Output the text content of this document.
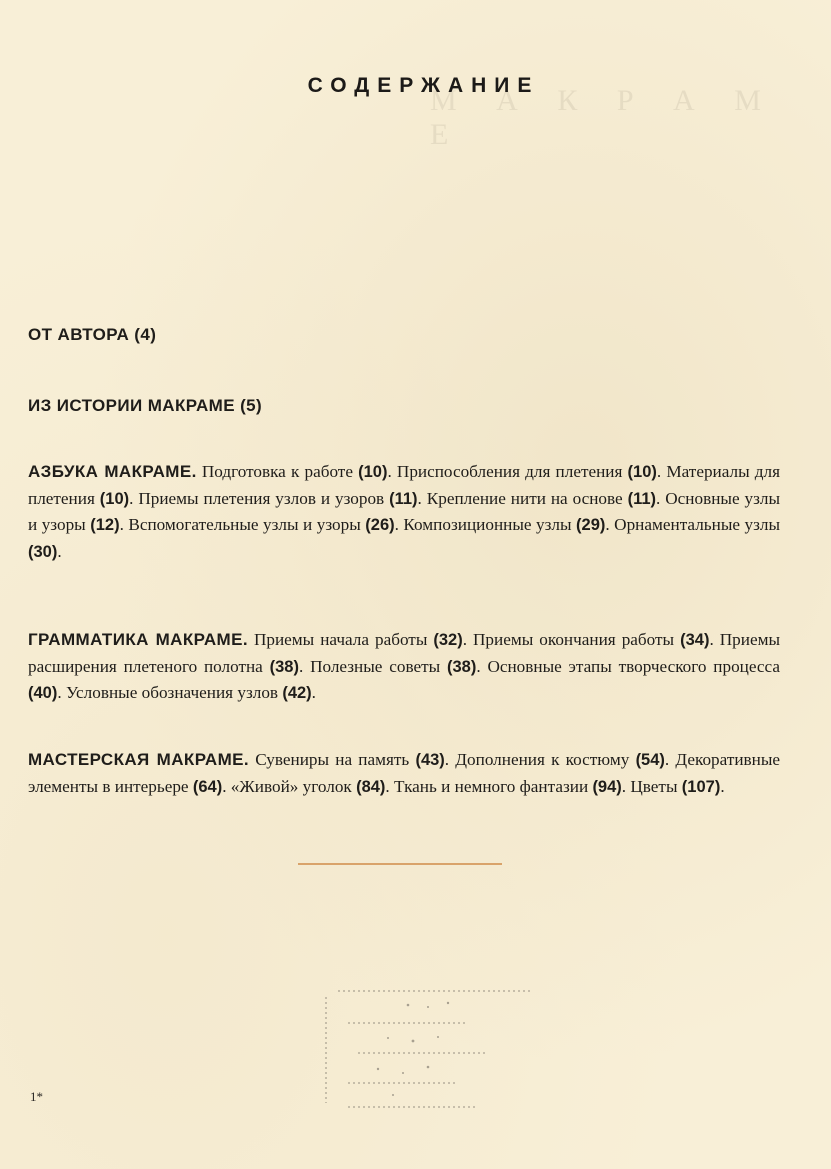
М А К Р А М Е
СОДЕРЖАНИЕ
ОТ АВТОРА (4)
ИЗ ИСТОРИИ МАКРАМЕ (5)
АЗБУКА МАКРАМЕ. Подготовка к работе (10). Приспособления для плетения (10). Материалы для плетения (10). Приемы плетения узлов и узоров (11). Крепление нити на основе (11). Основные узлы и узоры (12). Вспомогательные узлы и узоры (26). Композиционные узлы (29). Орнаментальные узлы (30).
ГРАММАТИКА МАКРАМЕ. Приемы начала работы (32). Приемы окончания работы (34). Приемы расширения плетеного полотна (38). Полезные советы (38). Основные этапы творческого процесса (40). Условные обозначения узлов (42).
МАСТЕРСКАЯ МАКРАМЕ. Сувениры на память (43). Дополнения к костюму (54). Декоративные элементы в интерьере (64). «Живой» уголок (84). Ткань и немного фантазии (94). Цветы (107).
1*
